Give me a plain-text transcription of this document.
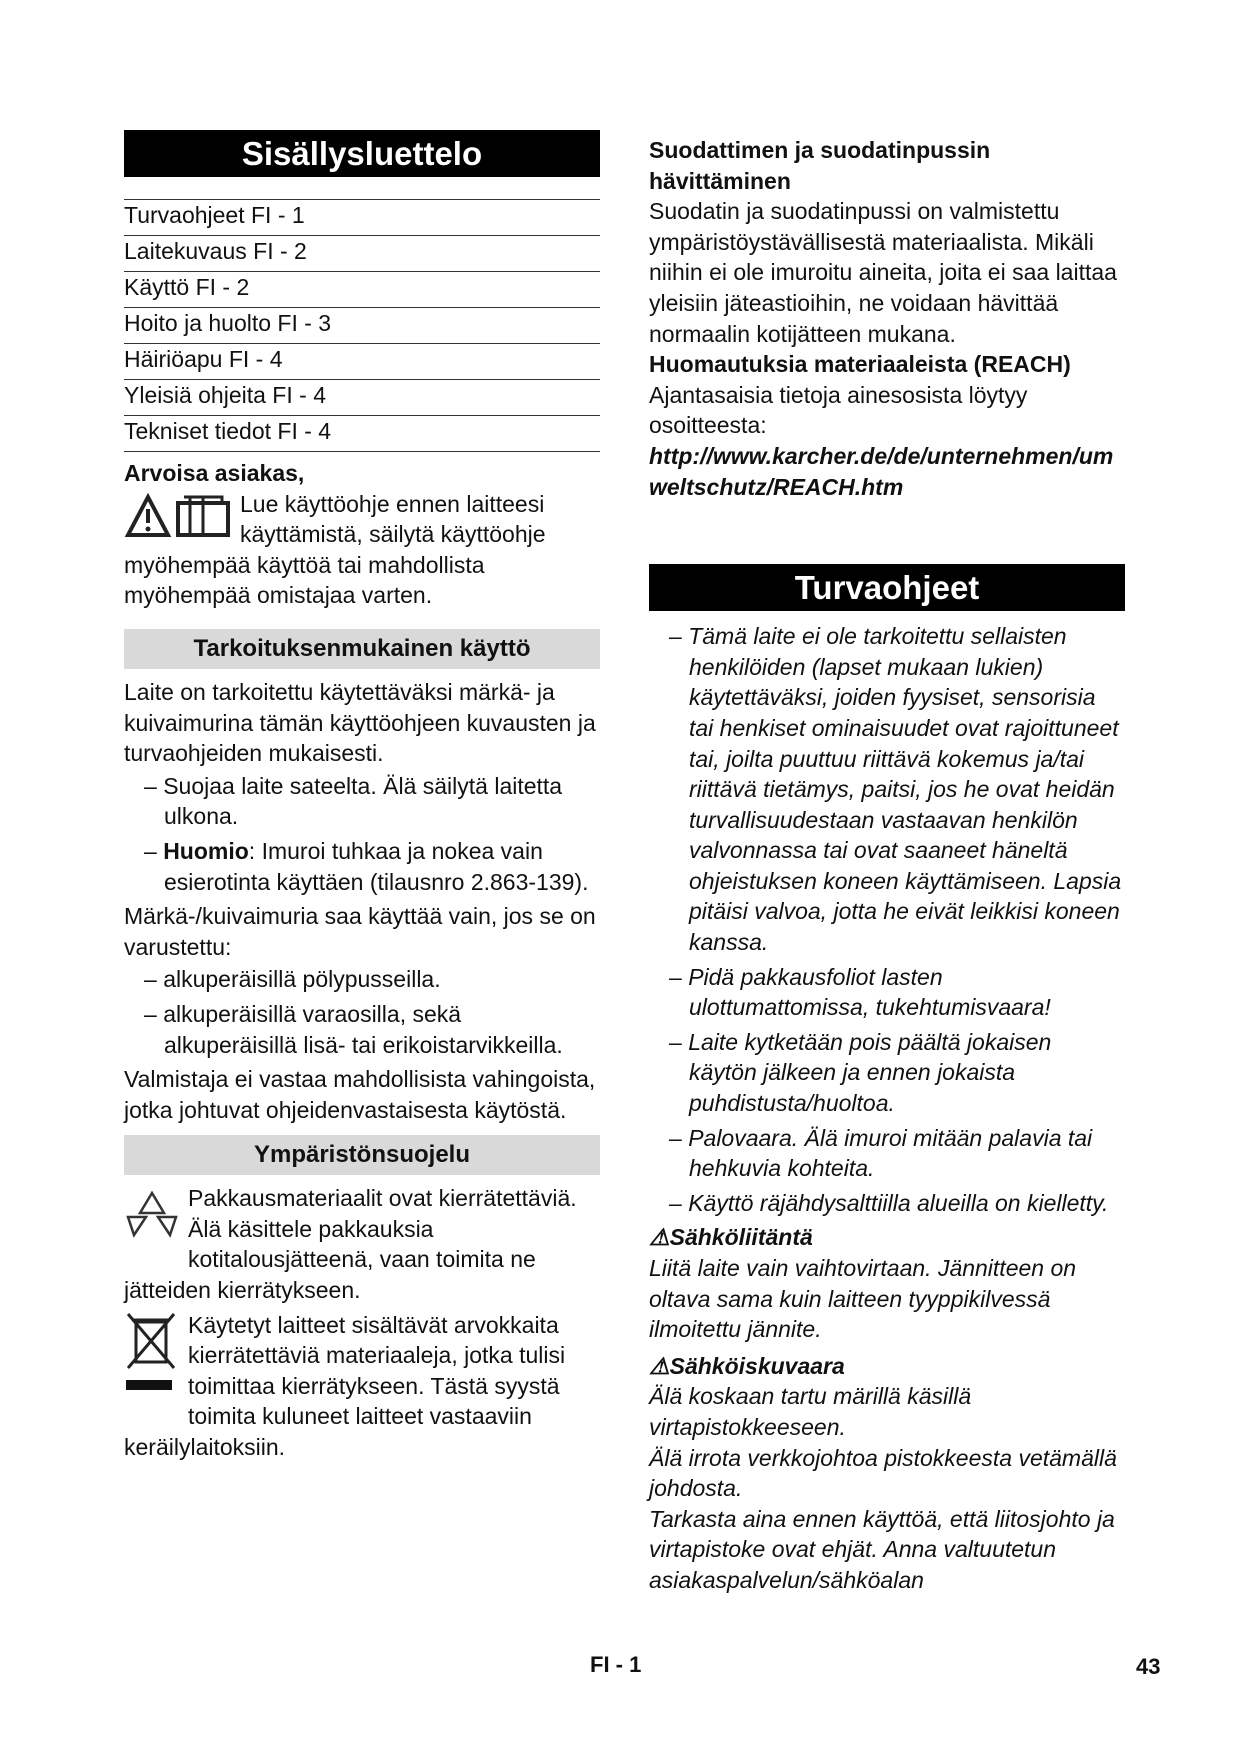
Sisällysluettelo
Turvaohjeet FI - 1
Laitekuvaus FI - 2
Käyttö FI - 2
Hoito ja huolto FI - 3
Häiriöapu FI - 4
Yleisiä ohjeita FI - 4
Tekniset tiedot FI - 4

Arvoisa asiakas,

Lue käyttöohje ennen laitteesi käyttämistä, säilytä käyttöohje myöhempää käyttöä tai mahdollista myöhempää omistajaa varten.

Tarkoituksenmukainen käyttö

Laite on tarkoitettu käytettäväksi märkä- ja kuivaimurina tämän käyttöohjeen kuvausten ja turvaohjeiden mukaisesti.

– Suojaa laite sateelta. Älä säilytä laitetta ulkona.

– Huomio: Imuroi tuhkaa ja nokea vain esierotinta käyttäen (tilausnro 2.863-139).

Märkä-/kuivaimuria saa käyttää vain, jos se on varustettu:

– alkuperäisillä pölypusseilla.

– alkuperäisillä varaosilla, sekä alkuperäisillä lisä- tai erikoistarvikkeilla.

Valmistaja ei vastaa mahdollisista vahingoista, jotka johtuvat ohjeidenvastaisesta käytöstä.

Ympäristönsuojelu

Pakkausmateriaalit ovat kierrätettäviä. Älä käsittele pakkauksia kotitalousjätteenä, vaan toimita ne jätteiden kierrätykseen.

Käytetyt laitteet sisältävät arvokkaita kierrätettäviä materiaaleja, jotka tulisi toimittaa kierrätykseen. Tästä syystä toimita kuluneet laitteet vastaaviin keräilylaitoksiin.

Suodattimen ja suodatinpussin hävittäminen

Suodatin ja suodatinpussi on valmistettu ympäristöystävällisestä materiaalista. Mikäli niihin ei ole imuroitu aineita, joita ei saa laittaa yleisiin jäteastioihin, ne voidaan hävittää normaalin kotijätteen mukana.

Huomautuksia materiaaleista (REACH)

Ajantasaisia tietoja ainesosista löytyy osoitteesta:

http://www.karcher.de/de/unternehmen/umweltschutz/REACH.htm

Turvaohjeet

– Tämä laite ei ole tarkoitettu sellaisten henkilöiden (lapset mukaan lukien) käytettäväksi, joiden fyysiset, sensorisia tai henkiset ominaisuudet ovat rajoittuneet tai, joilta puuttuu riittävä kokemus ja/tai riittävä tietämys, paitsi, jos he ovat heidän turvallisuudestaan vastaavan henkilön valvonnassa tai ovat saaneet häneltä ohjeistuksen koneen käyttämiseen. Lapsia pitäisi valvoa, jotta he eivät leikkisi koneen kanssa.

– Pidä pakkausfoliot lasten ulottumattomissa, tukehtumisvaara!

– Laite kytketään pois päältä jokaisen käytön jälkeen ja ennen jokaista puhdistusta/huoltoa.

– Palovaara. Älä imuroi mitään palavia tai hehkuvia kohteita.

– Käyttö räjähdysalttiilla alueilla on kielletty.

⚠Sähköliitäntä

Liitä laite vain vaihtovirtaan. Jännitteen on oltava sama kuin laitteen tyyppikilvessä ilmoitettu jännite.

⚠Sähköiskuvaara

Älä koskaan tartu märillä käsillä virtapistokkeeseen.

Älä irrota verkkojohtoa pistokkeesta vetämällä johdosta.

Tarkasta aina ennen käyttöä, että liitosjohto ja virtapistoke ovat ehjät. Anna valtuutetun asiakaspalvelun/sähköalan

FI - 1	43
